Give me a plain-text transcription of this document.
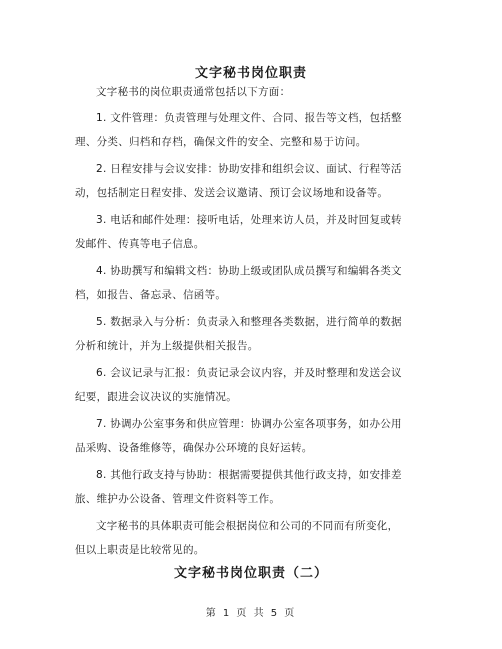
文字秘书岗位职责
文字秘书的岗位职责通常包括以下方面：
1. 文件管理：负责管理与处理文件、合同、报告等文档，包括整
理、分类、归档和存档，确保文件的安全、完整和易于访问。
2. 日程安排与会议安排：协助安排和组织会议、面试、行程等活
动，包括制定日程安排、发送会议邀请、预订会议场地和设备等。
3. 电话和邮件处理：接听电话，处理来访人员，并及时回复或转
发邮件、传真等电子信息。
4. 协助撰写和编辑文档：协助上级或团队成员撰写和编辑各类文
档，如报告、备忘录、信函等。
5. 数据录入与分析：负责录入和整理各类数据，进行简单的数据
分析和统计，并为上级提供相关报告。
6. 会议记录与汇报：负责记录会议内容，并及时整理和发送会议
纪要，跟进会议决议的实施情况。
7. 协调办公室事务和供应管理：协调办公室各项事务，如办公用
品采购、设备维修等，确保办公环境的良好运转。
8. 其他行政支持与协助：根据需要提供其他行政支持，如安排差
旅、维护办公设备、管理文件资料等工作。
文字秘书的具体职责可能会根据岗位和公司的不同而有所变化，
但以上职责是比较常见的。
文字秘书岗位职责（二）
第 1 页 共 5 页
